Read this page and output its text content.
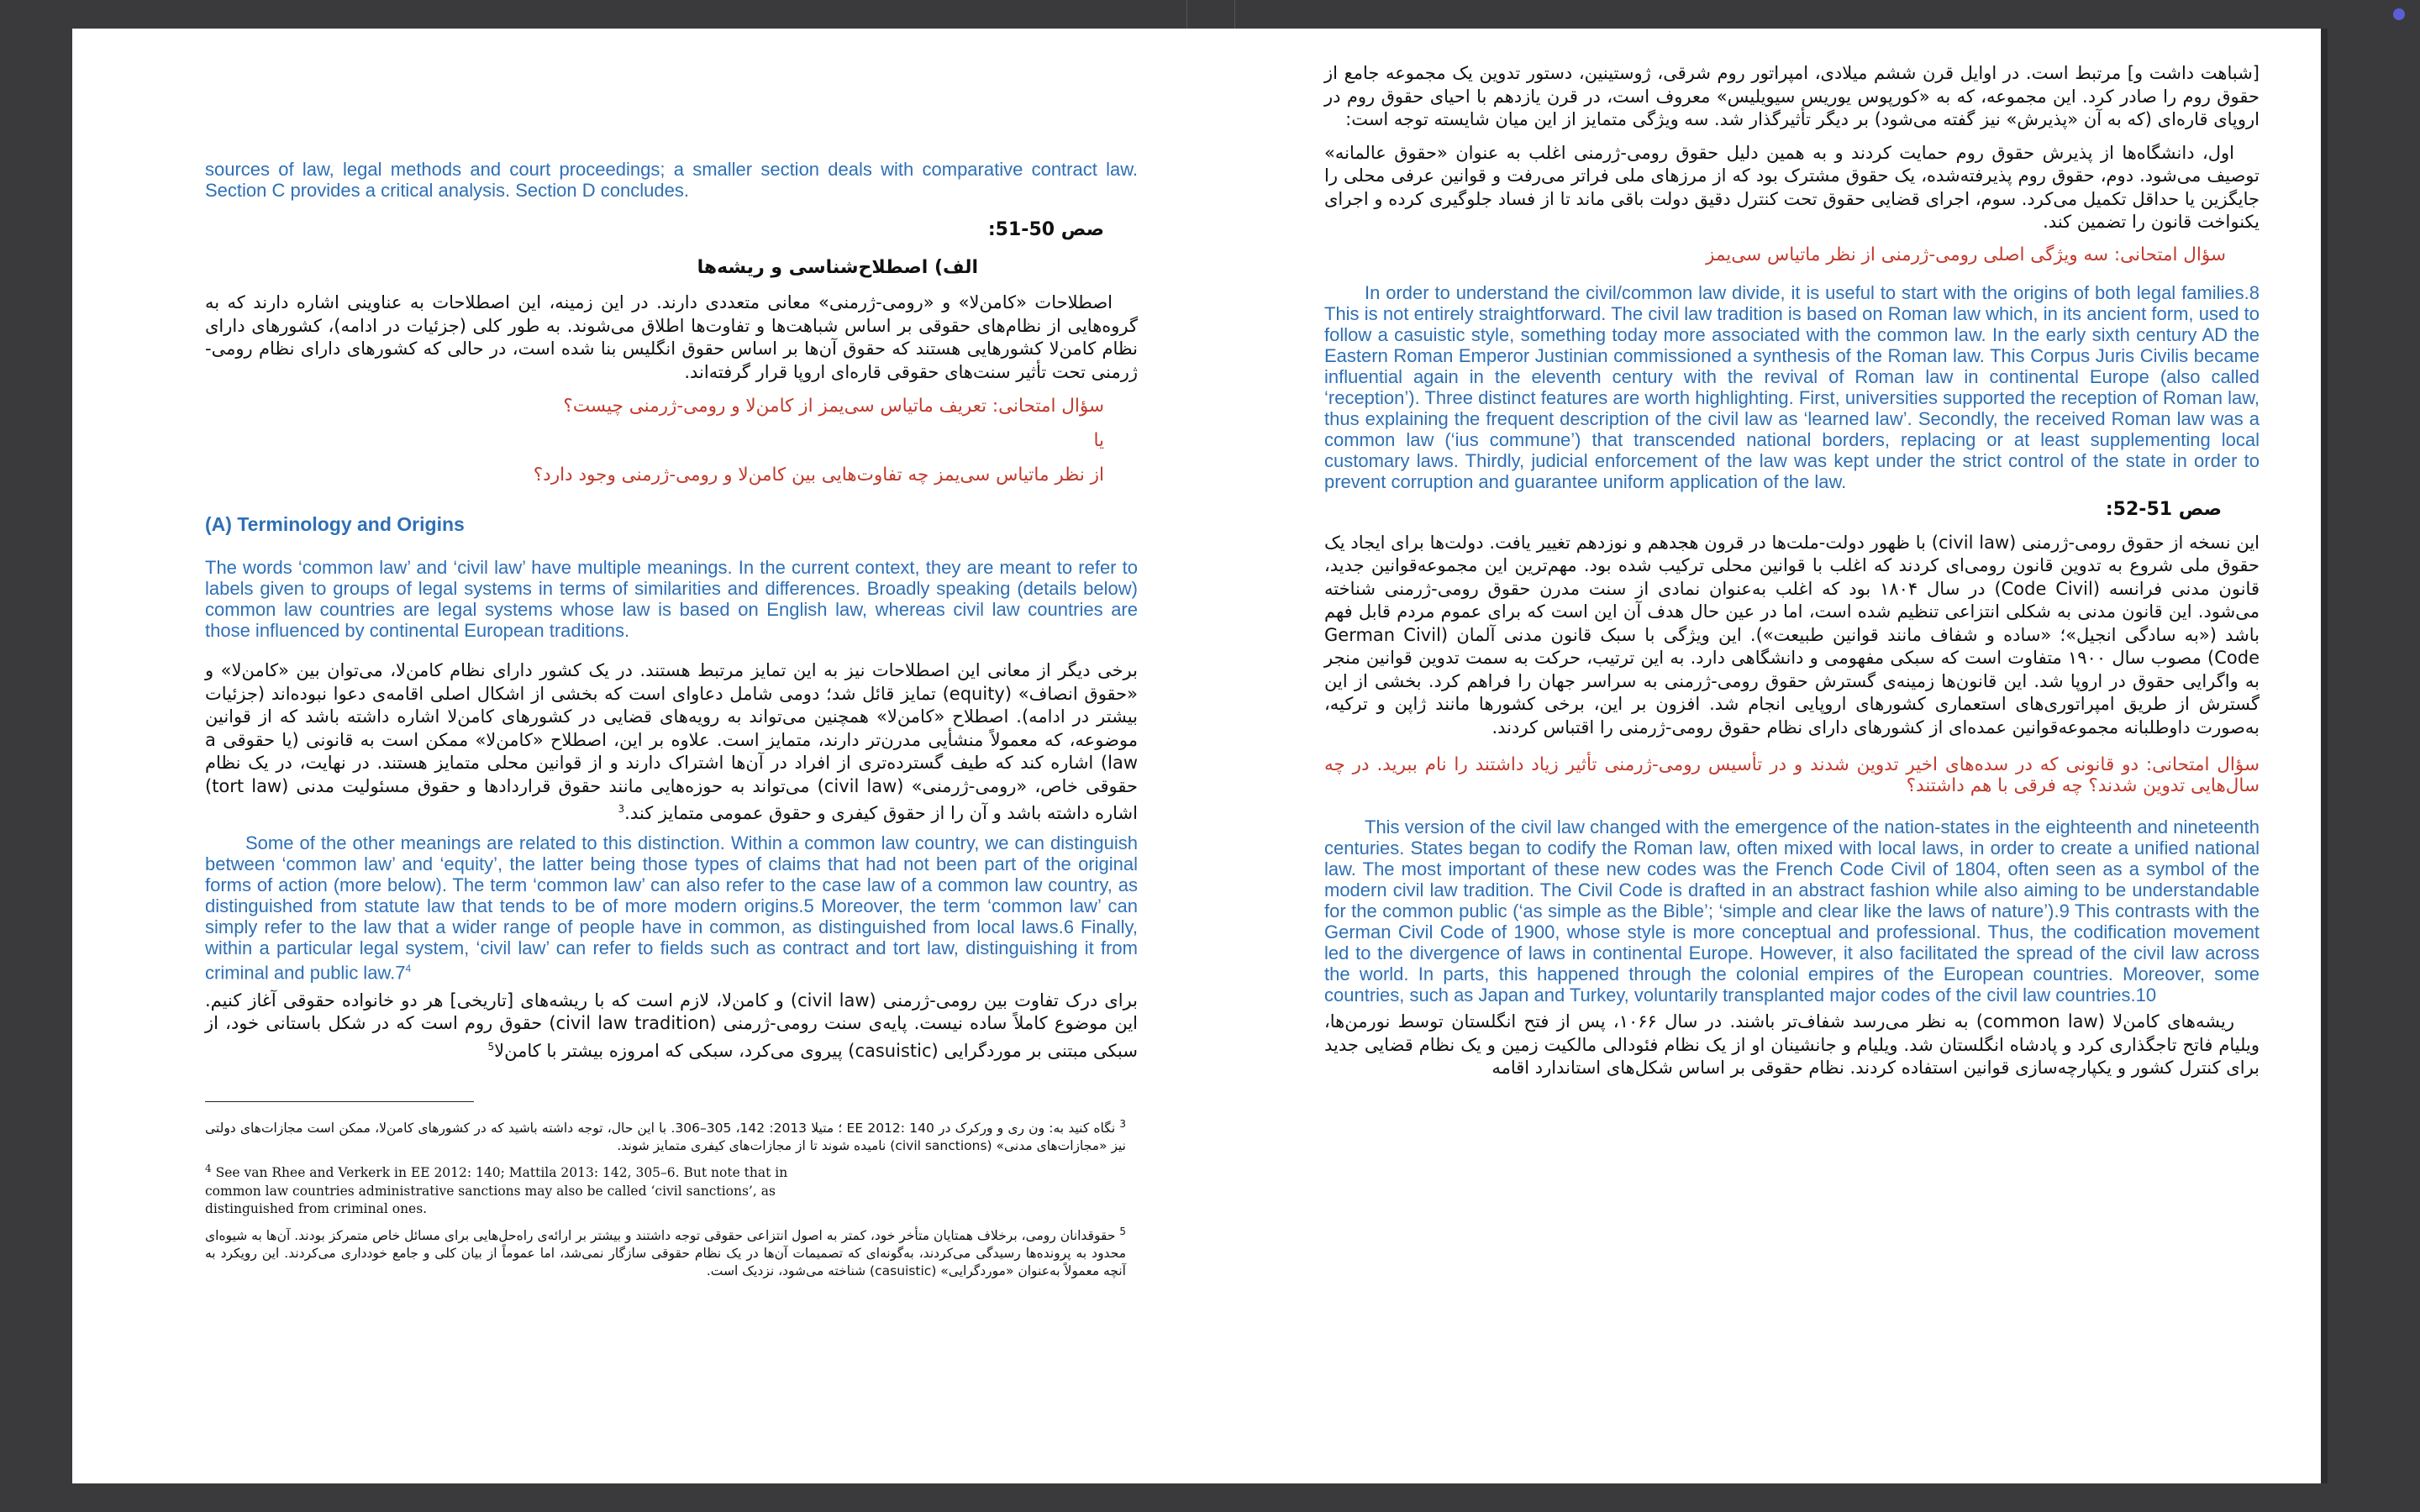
sources of law, legal methods and court proceedings; a smaller section deals with comparative contract law. Section C provides a critical analysis. Section D concludes.

صص 50-51:

الف) اصطلاح‌شناسی و ریشه‌ها

اصطلاحات «کامن‌لا» و «رومی-ژرمنی» معانی متعددی دارند. در این زمینه، این اصطلاحات به عناوینی اشاره دارند که به گروه‌هایی از نظام‌های حقوقی بر اساس شباهت‌ها و تفاوت‌ها اطلاق می‌شوند. به طور کلی (جزئیات در ادامه)، کشورهای دارای نظام کامن‌لا کشورهایی هستند که حقوق آن‌ها بر اساس حقوق انگلیس بنا شده است، در حالی که کشورهای دارای نظام رومی-ژرمنی تحت تأثیر سنت‌های حقوقی قاره‌ای اروپا قرار گرفته‌اند.

سؤال امتحانی: تعریف ماتیاس سی‌یمز از کامن‌لا و رومی-ژرمنی چیست؟

یا

از نظر ماتیاس سی‌یمز چه تفاوت‌هایی بین کامن‌لا و رومی-ژرمنی وجود دارد؟

(A) Terminology and Origins

The words ‘common law’ and ‘civil law’ have multiple meanings. In the current context, they are meant to refer to labels given to groups of legal systems in terms of similarities and differences. Broadly speaking (details below) common law countries are legal systems whose law is based on English law, whereas civil law countries are those influenced by continental European traditions.

برخی دیگر از معانی این اصطلاحات نیز به این تمایز مرتبط هستند. در یک کشور دارای نظام کامن‌لا، می‌توان بین «کامن‌لا» و «حقوق انصاف» (equity) تمایز قائل شد؛ دومی شامل دعاوای است که بخشی از اشکال اصلی اقامه‌ی دعوا نبوده‌اند (جزئیات بیشتر در ادامه). اصطلاح «کامن‌لا» همچنین می‌تواند به رویه‌های قضایی در کشورهای کامن‌لا اشاره داشته باشد که از قوانین موضوعه، که معمولاً منشأیی مدرن‌تر دارند، متمایز است. علاوه بر این، اصطلاح «کامن‌لا» ممکن است به قانونی (یا حقوقی a law) اشاره کند که طیف گسترده‌تری از افراد در آن‌ها اشتراک دارند و از قوانین محلی متمایز هستند. در نهایت، در یک نظام حقوقی خاص، «رومی-ژرمنی» (civil law) می‌تواند به حوزه‌هایی مانند حقوق قراردادها و حقوق مسئولیت مدنی (tort law) اشاره داشته باشد و آن را از حقوق کیفری و حقوق عمومی متمایز کند.$^3$

Some of the other meanings are related to this distinction. Within a common law country, we can distinguish between ‘common law’ and ‘equity’, the latter being those types of claims that had not been part of the original forms of action (more below). The term ‘common law’ can also refer to the case law of a common law country, as distinguished from statute law that tends to be of more modern origins.5 Moreover, the term ‘common law’ can simply refer to the law that a wider range of people have in common, as distinguished from local laws.6 Finally, within a particular legal system, ‘civil law’ can refer to fields such as contract and tort law, distinguishing it from criminal and public law.7$^4$

برای درک تفاوت بین رومی-ژرمنی (civil law) و کامن‌لا، لازم است که با ریشه‌های [تاریخی] هر دو خانواده حقوقی آغاز کنیم. این موضوع کاملاً ساده نیست. پایه‌ی سنت رومی-ژرمنی (civil law tradition) حقوق روم است که در شکل باستانی خود، از سبکی مبتنی بر موردگرایی (casuistic) پیروی می‌کرد، سبکی که امروزه بیشتر با کامن‌لا$^5$

$^3$ نگاه کنید به: ون ری و ورکرک در EE 2012: 140 ؛ متیلا 2013: 142، 305–306. با این حال، توجه داشته باشید که در کشورهای کامن‌لا، ممکن است مجازات‌های دولتی نیز «مجازات‌های مدنی» (civil sanctions) نامیده شوند تا از مجازات‌های کیفری متمایز شوند.

$^4$ See van Rhee and Verkerk in EE 2012: 140; Mattila 2013: 142, 305–6. But note that in common law countries administrative sanctions may also be called ‘civil sanctions’, as distinguished from criminal ones.

$^5$ حقوقدانان رومی، برخلاف همتایان متأخر خود، کمتر به اصول انتزاعی حقوقی توجه داشتند و بیشتر بر ارائه‌ی راه‌حل‌هایی برای مسائل خاص متمرکز بودند. آن‌ها به شیوه‌ای محدود به پرونده‌ها رسیدگی می‌کردند، به‌گونه‌ای که تصمیمات آن‌ها در یک نظام حقوقی سازگار نمی‌شد، اما عموماً از بیان کلی و جامع خودداری می‌کردند. این رویکرد به آنچه معمولاً به‌عنوان «موردگرایی» (casuistic) شناخته می‌شود، نزدیک است.

[شباهت داشت و] مرتبط است. در اوایل قرن ششم میلادی، امپراتور روم شرقی، ژوستینین، دستور تدوین یک مجموعه جامع از حقوق روم را صادر کرد. این مجموعه، که به «کورپوس یوریس سیویلیس» معروف است، در قرن یازدهم با احیای حقوق روم در اروپای قاره‌ای (که به آن «پذیرش» نیز گفته می‌شود) بر دیگر تأثیرگذار شد. سه ویژگی متمایز از این میان شایسته توجه است:

اول، دانشگاه‌ها از پذیرش حقوق روم حمایت کردند و به همین دلیل حقوق رومی-ژرمنی اغلب به عنوان «حقوق عالمانه» توصیف می‌شود. دوم، حقوق روم پذیرفته‌شده، یک حقوق مشترک بود که از مرزهای ملی فراتر می‌رفت و قوانین عرفی محلی را جایگزین یا حداقل تکمیل می‌کرد. سوم، اجرای قضایی حقوق تحت کنترل دقیق دولت باقی ماند تا از فساد جلوگیری کرده و اجرای یکنواخت قانون را تضمین کند.

سؤال امتحانی: سه ویژگی اصلی رومی-ژرمنی از نظر ماتیاس سی‌یمز

In order to understand the civil/common law divide, it is useful to start with the origins of both legal families.8 This is not entirely straightforward. The civil law tradition is based on Roman law which, in its ancient form, used to follow a casuistic style, something today more associated with the common law. In the early sixth century AD the Eastern Roman Emperor Justinian commissioned a synthesis of the Roman law. This Corpus Juris Civilis became influential again in the eleventh century with the revival of Roman law in continental Europe (also called ‘reception’). Three distinct features are worth highlighting. First, universities supported the reception of Roman law, thus explaining the frequent description of the civil law as ‘learned law’. Secondly, the received Roman law was a common law (‘ius commune’) that transcended national borders, replacing or at least supplementing local customary laws. Thirdly, judicial enforcement of the law was kept under the strict control of the state in order to prevent corruption and guarantee uniform application of the law.

صص 51-52:

این نسخه از حقوق رومی-ژرمنی (civil law) با ظهور دولت-ملت‌ها در قرون هجدهم و نوزدهم تغییر یافت. دولت‌ها برای ایجاد یک حقوق ملی شروع به تدوین قانون رومی‌ای کردند که اغلب با قوانین محلی ترکیب شده بود. مهم‌ترین این مجموعه‌قوانین جدید، قانون مدنی فرانسه (Code Civil) در سال ۱۸۰۴ بود که اغلب به‌عنوان نمادی از سنت مدرن حقوق رومی-ژرمنی شناخته می‌شود. این قانون مدنی به شکلی انتزاعی تنظیم شده است، اما در عین حال هدف آن این است که برای عموم مردم قابل فهم باشد («به سادگی انجیل»؛ «ساده و شفاف مانند قوانین طبیعت»). این ویژگی با سبک قانون مدنی آلمان (German Civil Code) مصوب سال ۱۹۰۰ متفاوت است که سبکی مفهومی و دانشگاهی دارد. به این ترتیب، حرکت به سمت تدوین قوانین منجر به واگرایی حقوق در اروپا شد. این قانون‌ها زمینه‌ی گسترش حقوق رومی-ژرمنی به سراسر جهان را فراهم کرد. بخشی از این گسترش از طریق امپراتوری‌های استعماری کشورهای اروپایی انجام شد. افزون بر این، برخی کشورها مانند ژاپن و ترکیه، به‌صورت داوطلبانه مجموعه‌قوانین عمده‌ای از کشورهای دارای نظام حقوق رومی-ژرمنی را اقتباس کردند.

سؤال امتحانی: دو قانونی که در سده‌های اخیر تدوین شدند و در تأسیس رومی-ژرمنی تأثیر زیاد داشتند را نام ببرید. در چه سال‌هایی تدوین شدند؟ چه فرقی با هم داشتند؟

This version of the civil law changed with the emergence of the nation-states in the eighteenth and nineteenth centuries. States began to codify the Roman law, often mixed with local laws, in order to create a unified national law. The most important of these new codes was the French Code Civil of 1804, often seen as a symbol of the modern civil law tradition. The Civil Code is drafted in an abstract fashion while also aiming to be understandable for the common public (‘as simple as the Bible’; ‘simple and clear like the laws of nature’).9 This contrasts with the German Civil Code of 1900, whose style is more conceptual and professional. Thus, the codification movement led to the divergence of laws in continental Europe. However, it also facilitated the spread of the civil law across the world. In parts, this happened through the colonial empires of the European countries. Moreover, some countries, such as Japan and Turkey, voluntarily transplanted major codes of the civil law countries.10

ریشه‌های کامن‌لا (common law) به نظر می‌رسد شفاف‌تر باشند. در سال ۱۰۶۶، پس از فتح انگلستان توسط نورمن‌ها، ویلیام فاتح تاجگذاری کرد و پادشاه انگلستان شد. ویلیام و جانشینان او از یک نظام فئودالی مالکیت زمین و یک نظام قضایی جدید برای کنترل کشور و یکپارچه‌سازی قوانین استفاده کردند. نظام حقوقی بر اساس شکل‌های استاندارد اقامه
